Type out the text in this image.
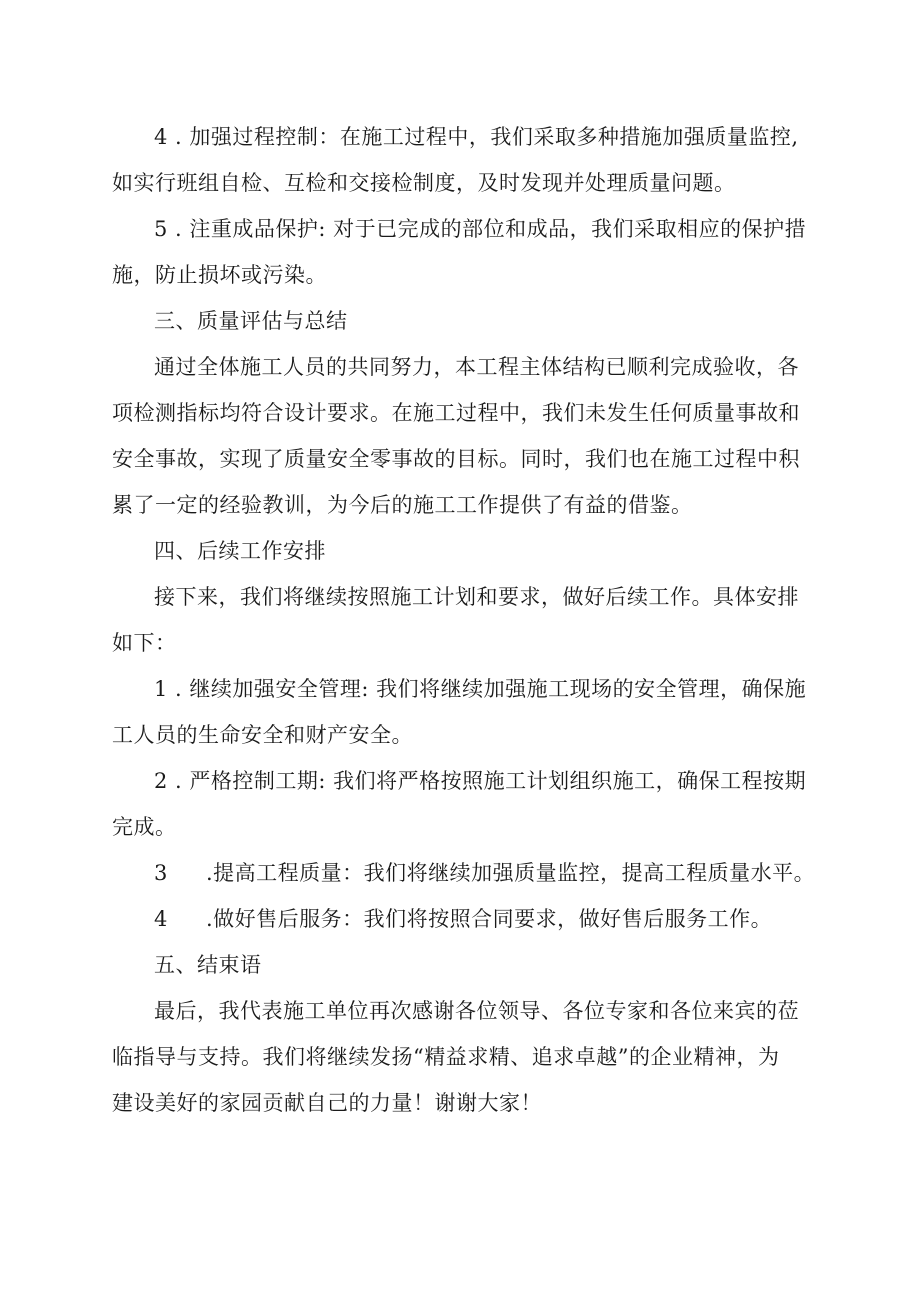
4 . 加强过程控制：在施工过程中，我们采取多种措施加强质量监控,
如实行班组自检、互检和交接检制度，及时发现并处理质量问题。
5 . 注重成品保护: 对于已完成的部位和成品，我们采取相应的保护措
施，防止损坏或污染。
三、质量评估与总结
通过全体施工人员的共同努力，本工程主体结构已顺利完成验收，各
项检测指标均符合设计要求。在施工过程中，我们未发生任何质量事故和
安全事故，实现了质量安全零事故的目标。同时，我们也在施工过程中积
累了一定的经验教训，为今后的施工工作提供了有益的借鉴。
四、后续工作安排
接下来，我们将继续按照施工计划和要求，做好后续工作。具体安排
如下：
1 . 继续加强安全管理: 我们将继续加强施工现场的安全管理，确保施
工人员的生命安全和财产安全。
2 . 严格控制工期: 我们将严格按照施工计划组织施工，确保工程按期
完成。
3 .提高工程质量：我们将继续加强质量监控，提高工程质量水平。
4 .做好售后服务：我们将按照合同要求，做好售后服务工作。
五、结束语
最后，我代表施工单位再次感谢各位领导、各位专家和各位来宾的莅
临指导与支持。我们将继续发扬“精益求精、追求卓越”的企业精神，为
建设美好的家园贡献自己的力量！谢谢大家！
